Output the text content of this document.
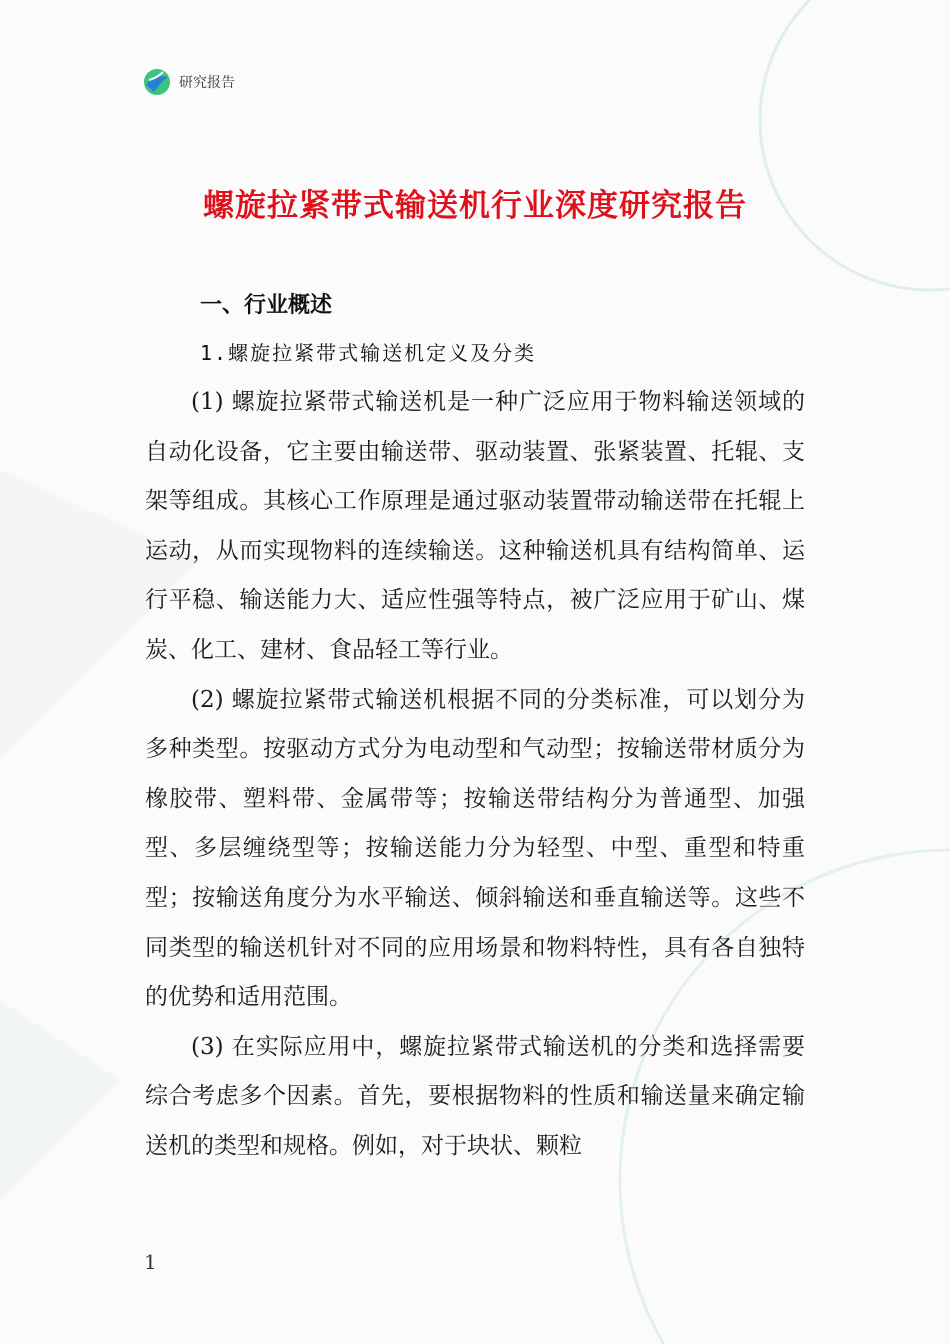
研究报告
螺旋拉紧带式输送机行业深度研究报告
一、行业概述
1.螺旋拉紧带式输送机定义及分类

(1) 螺旋拉紧带式输送机是一种广泛应用于物料输送领域的自动化设备，它主要由输送带、驱动装置、张紧装置、托辊、支架等组成。其核心工作原理是通过驱动装置带动输送带在托辊上运动，从而实现物料的连续输送。这种输送机具有结构简单、运行平稳、输送能力大、适应性强等特点，被广泛应用于矿山、煤炭、化工、建材、食品轻工等行业。

(2) 螺旋拉紧带式输送机根据不同的分类标准，可以划分为多种类型。按驱动方式分为电动型和气动型；按输送带材质分为橡胶带、塑料带、金属带等；按输送带结构分为普通型、加强型、多层缠绕型等；按输送能力分为轻型、中型、重型和特重型；按输送角度分为水平输送、倾斜输送和垂直输送等。这些不同类型的输送机针对不同的应用场景和物料特性，具有各自独特的优势和适用范围。

(3) 在实际应用中，螺旋拉紧带式输送机的分类和选择需要综合考虑多个因素。首先，要根据物料的性质和输送量来确定输送机的类型和规格。例如，对于块状、颗粒

1
